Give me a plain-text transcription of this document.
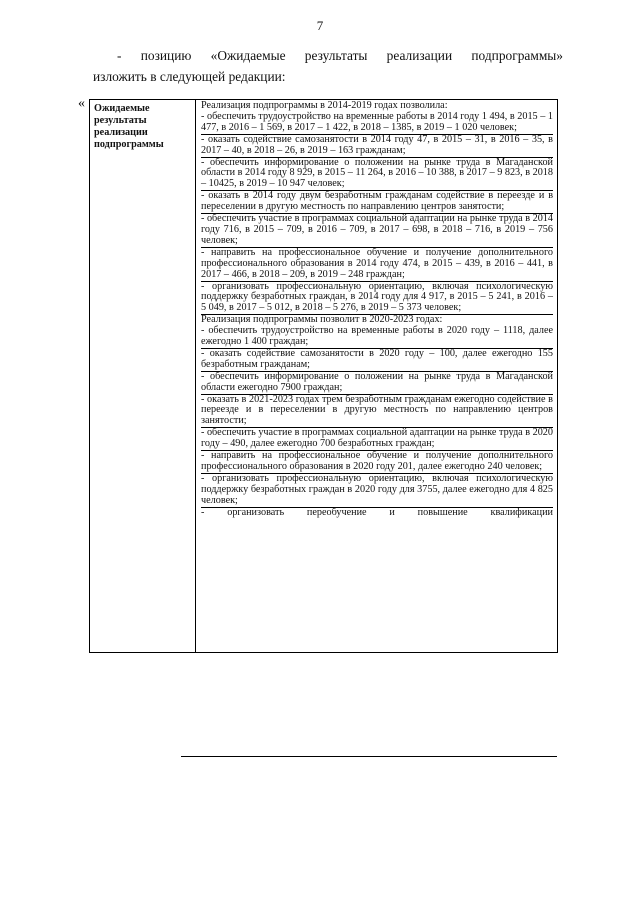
7

- позицию «Ожидаемые результаты реализации подпрограммы»

изложить в следующей редакции:

« Ожидаемые
результаты
реализации
подпрограммы

Реализация подпрограммы в 2014-2019 годах позволила:

- обеспечить трудоустройство на временные работы в 2014 году 1 494, в 2015 – 1 477, в 2016 – 1 569, в 2017 – 1 422, в 2018 – 1385, в 2019 – 1 020 человек;

- оказать содействие самозанятости в 2014 году 47, в 2015 – 31, в 2016 – 35, в 2017 – 40, в 2018 – 26, в 2019 – 163 гражданам;

- обеспечить информирование о положении на рынке труда в Магаданской области в 2014 году 8 929, в 2015 – 11 264, в 2016 – 10 388, в 2017 – 9 823, в 2018 – 10425, в 2019 – 10 947 человек;

- оказать в 2014 году двум безработным гражданам содействие в переезде и в переселении в другую местность по направлению центров занятости;

- обеспечить участие в программах социальной адаптации на рынке труда в 2014 году 716, в 2015 – 709, в 2016 – 709, в 2017 – 698, в 2018 – 716, в 2019 – 756 человек;

- направить на профессиональное обучение и получение дополнительного профессионального образования в 2014 году 474, в 2015 – 439, в 2016 – 441, в 2017 – 466, в 2018 – 209, в 2019 – 248 граждан;

- организовать профессиональную ориентацию, включая психологическую поддержку безработных граждан, в 2014 году для 4 917, в 2015 – 5 241, в 2016 – 5 049, в 2017 – 5 012, в 2018 – 5 276, в 2019 – 5 373 человек;

Реализация подпрограммы позволит в 2020-2023 годах:

- обеспечить трудоустройство на временные работы в 2020 году – 1118, далее ежегодно 1 400 граждан;

- оказать содействие самозанятости в 2020 году – 100, далее ежегодно 155 безработным гражданам;

- обеспечить информирование о положении на рынке труда в Магаданской области ежегодно 7900 граждан;

- оказать в 2021-2023 годах трем безработным гражданам ежегодно содействие в переезде и в переселении в другую местность по направлению центров занятости;

- обеспечить участие в программах социальной адаптации на рынке труда в 2020 году – 490, далее ежегодно 700 безработных граждан;

- направить на профессиональное обучение и получение дополнительного профессионального образования в 2020 году 201, далее ежегодно 240 человек;

- организовать профессиональную ориентацию, включая психологическую поддержку безработных граждан в 2020 году для 3755, далее ежегодно для 4 825 человек;

- организовать переобучение и повышение квалификации
